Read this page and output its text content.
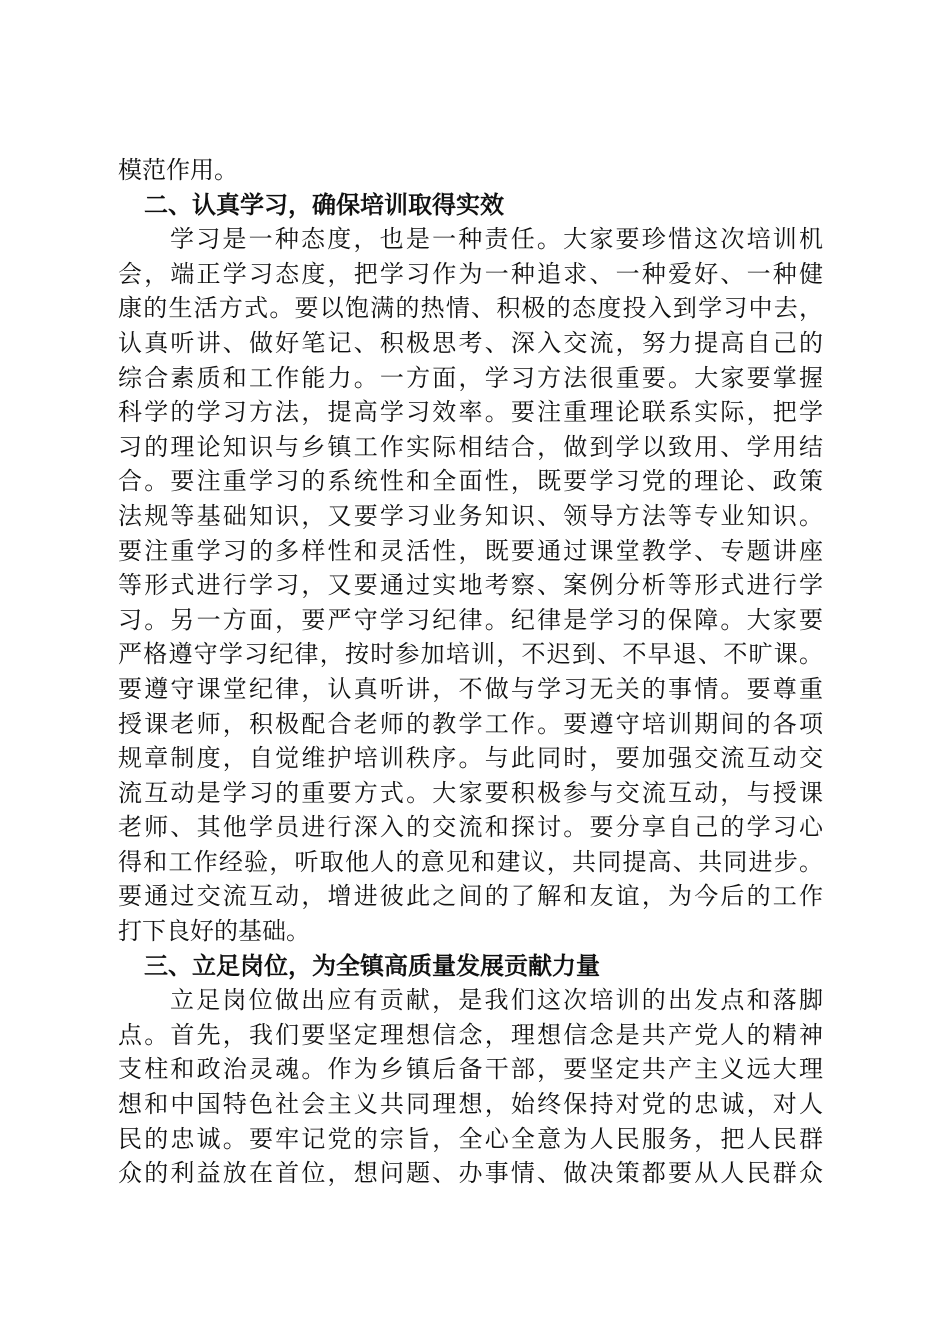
模范作用。
二、认真学习，确保培训取得实效
学习是一种态度，也是一种责任。大家要珍惜这次培训机
会，端正学习态度，把学习作为一种追求、一种爱好、一种健
康的生活方式。要以饱满的热情、积极的态度投入到学习中去，
认真听讲、做好笔记、积极思考、深入交流，努力提高自己的
综合素质和工作能力。一方面，学习方法很重要。大家要掌握
科学的学习方法，提高学习效率。要注重理论联系实际，把学
习的理论知识与乡镇工作实际相结合，做到学以致用、学用结
合。要注重学习的系统性和全面性，既要学习党的理论、政策
法规等基础知识，又要学习业务知识、领导方法等专业知识。
要注重学习的多样性和灵活性，既要通过课堂教学、专题讲座
等形式进行学习，又要通过实地考察、案例分析等形式进行学
习。另一方面，要严守学习纪律。纪律是学习的保障。大家要
严格遵守学习纪律，按时参加培训，不迟到、不早退、不旷课。
要遵守课堂纪律，认真听讲，不做与学习无关的事情。要尊重
授课老师，积极配合老师的教学工作。要遵守培训期间的各项
规章制度，自觉维护培训秩序。与此同时，要加强交流互动交
流互动是学习的重要方式。大家要积极参与交流互动，与授课
老师、其他学员进行深入的交流和探讨。要分享自己的学习心
得和工作经验，听取他人的意见和建议，共同提高、共同进步。
要通过交流互动，增进彼此之间的了解和友谊，为今后的工作
打下良好的基础。
三、立足岗位，为全镇高质量发展贡献力量
立足岗位做出应有贡献，是我们这次培训的出发点和落脚
点。首先，我们要坚定理想信念，理想信念是共产党人的精神
支柱和政治灵魂。作为乡镇后备干部，要坚定共产主义远大理
想和中国特色社会主义共同理想，始终保持对党的忠诚，对人
民的忠诚。要牢记党的宗旨，全心全意为人民服务，把人民群
众的利益放在首位，想问题、办事情、做决策都要从人民群众
